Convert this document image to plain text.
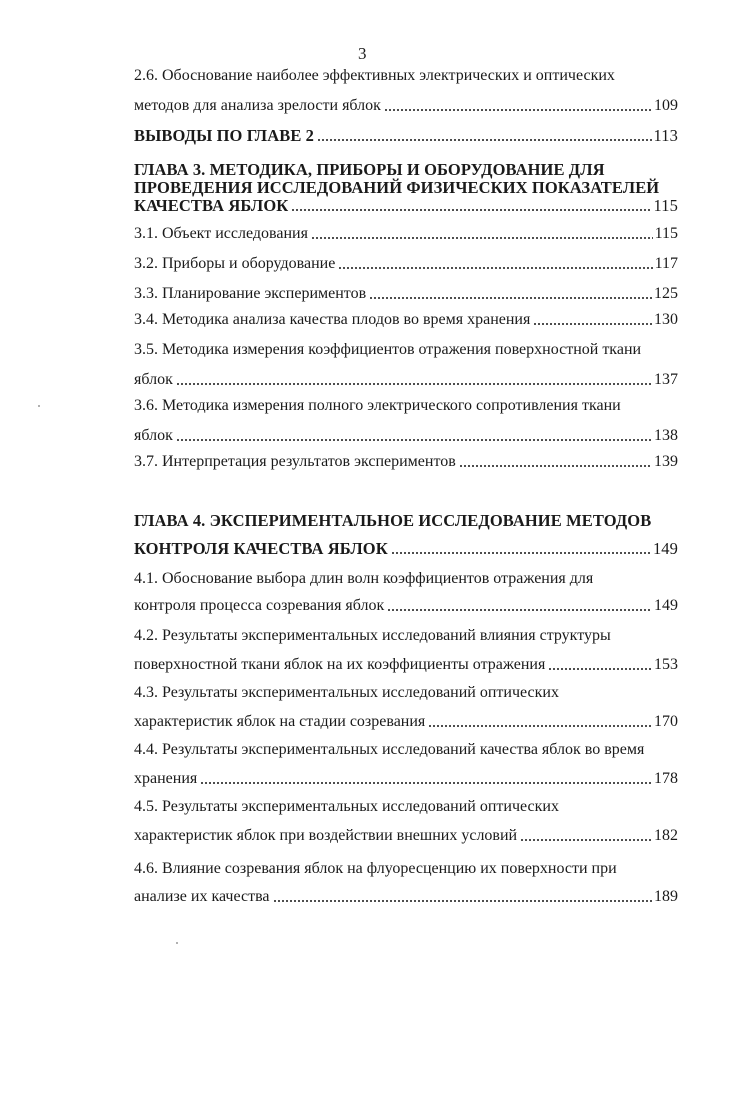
3
2.6. Обоснование наиболее эффективных электрических и оптических
методов для анализа зрелости яблок	109
ВЫВОДЫ ПО ГЛАВЕ 2	113
ГЛАВА 3. МЕТОДИКА, ПРИБОРЫ И ОБОРУДОВАНИЕ ДЛЯ
ПРОВЕДЕНИЯ ИССЛЕДОВАНИЙ ФИЗИЧЕСКИХ ПОКАЗАТЕЛЕЙ
КАЧЕСТВА ЯБЛОК	115
3.1. Объект исследования	115
3.2. Приборы и оборудование	117
3.3. Планирование экспериментов	125
3.4. Методика анализа качества плодов во время хранения	130
3.5. Методика измерения коэффициентов отражения поверхностной ткани
яблок	137
3.6. Методика измерения полного электрического сопротивления ткани
яблок	138
3.7. Интерпретация результатов экспериментов	139
ГЛАВА 4. ЭКСПЕРИМЕНТАЛЬНОЕ ИССЛЕДОВАНИЕ МЕТОДОВ
КОНТРОЛЯ КАЧЕСТВА ЯБЛОК	149
4.1. Обоснование выбора длин волн коэффициентов отражения для
контроля процесса созревания яблок	149
4.2. Результаты экспериментальных исследований влияния структуры
поверхностной ткани яблок на их коэффициенты отражения	153
4.3. Результаты экспериментальных исследований оптических
характеристик яблок на стадии созревания	170
4.4. Результаты экспериментальных исследований качества яблок во время
хранения	178
4.5. Результаты экспериментальных исследований оптических
характеристик яблок при воздействии внешних условий	182
4.6. Влияние созревания яблок на флуоресценцию их поверхности при
анализе их качества	189
